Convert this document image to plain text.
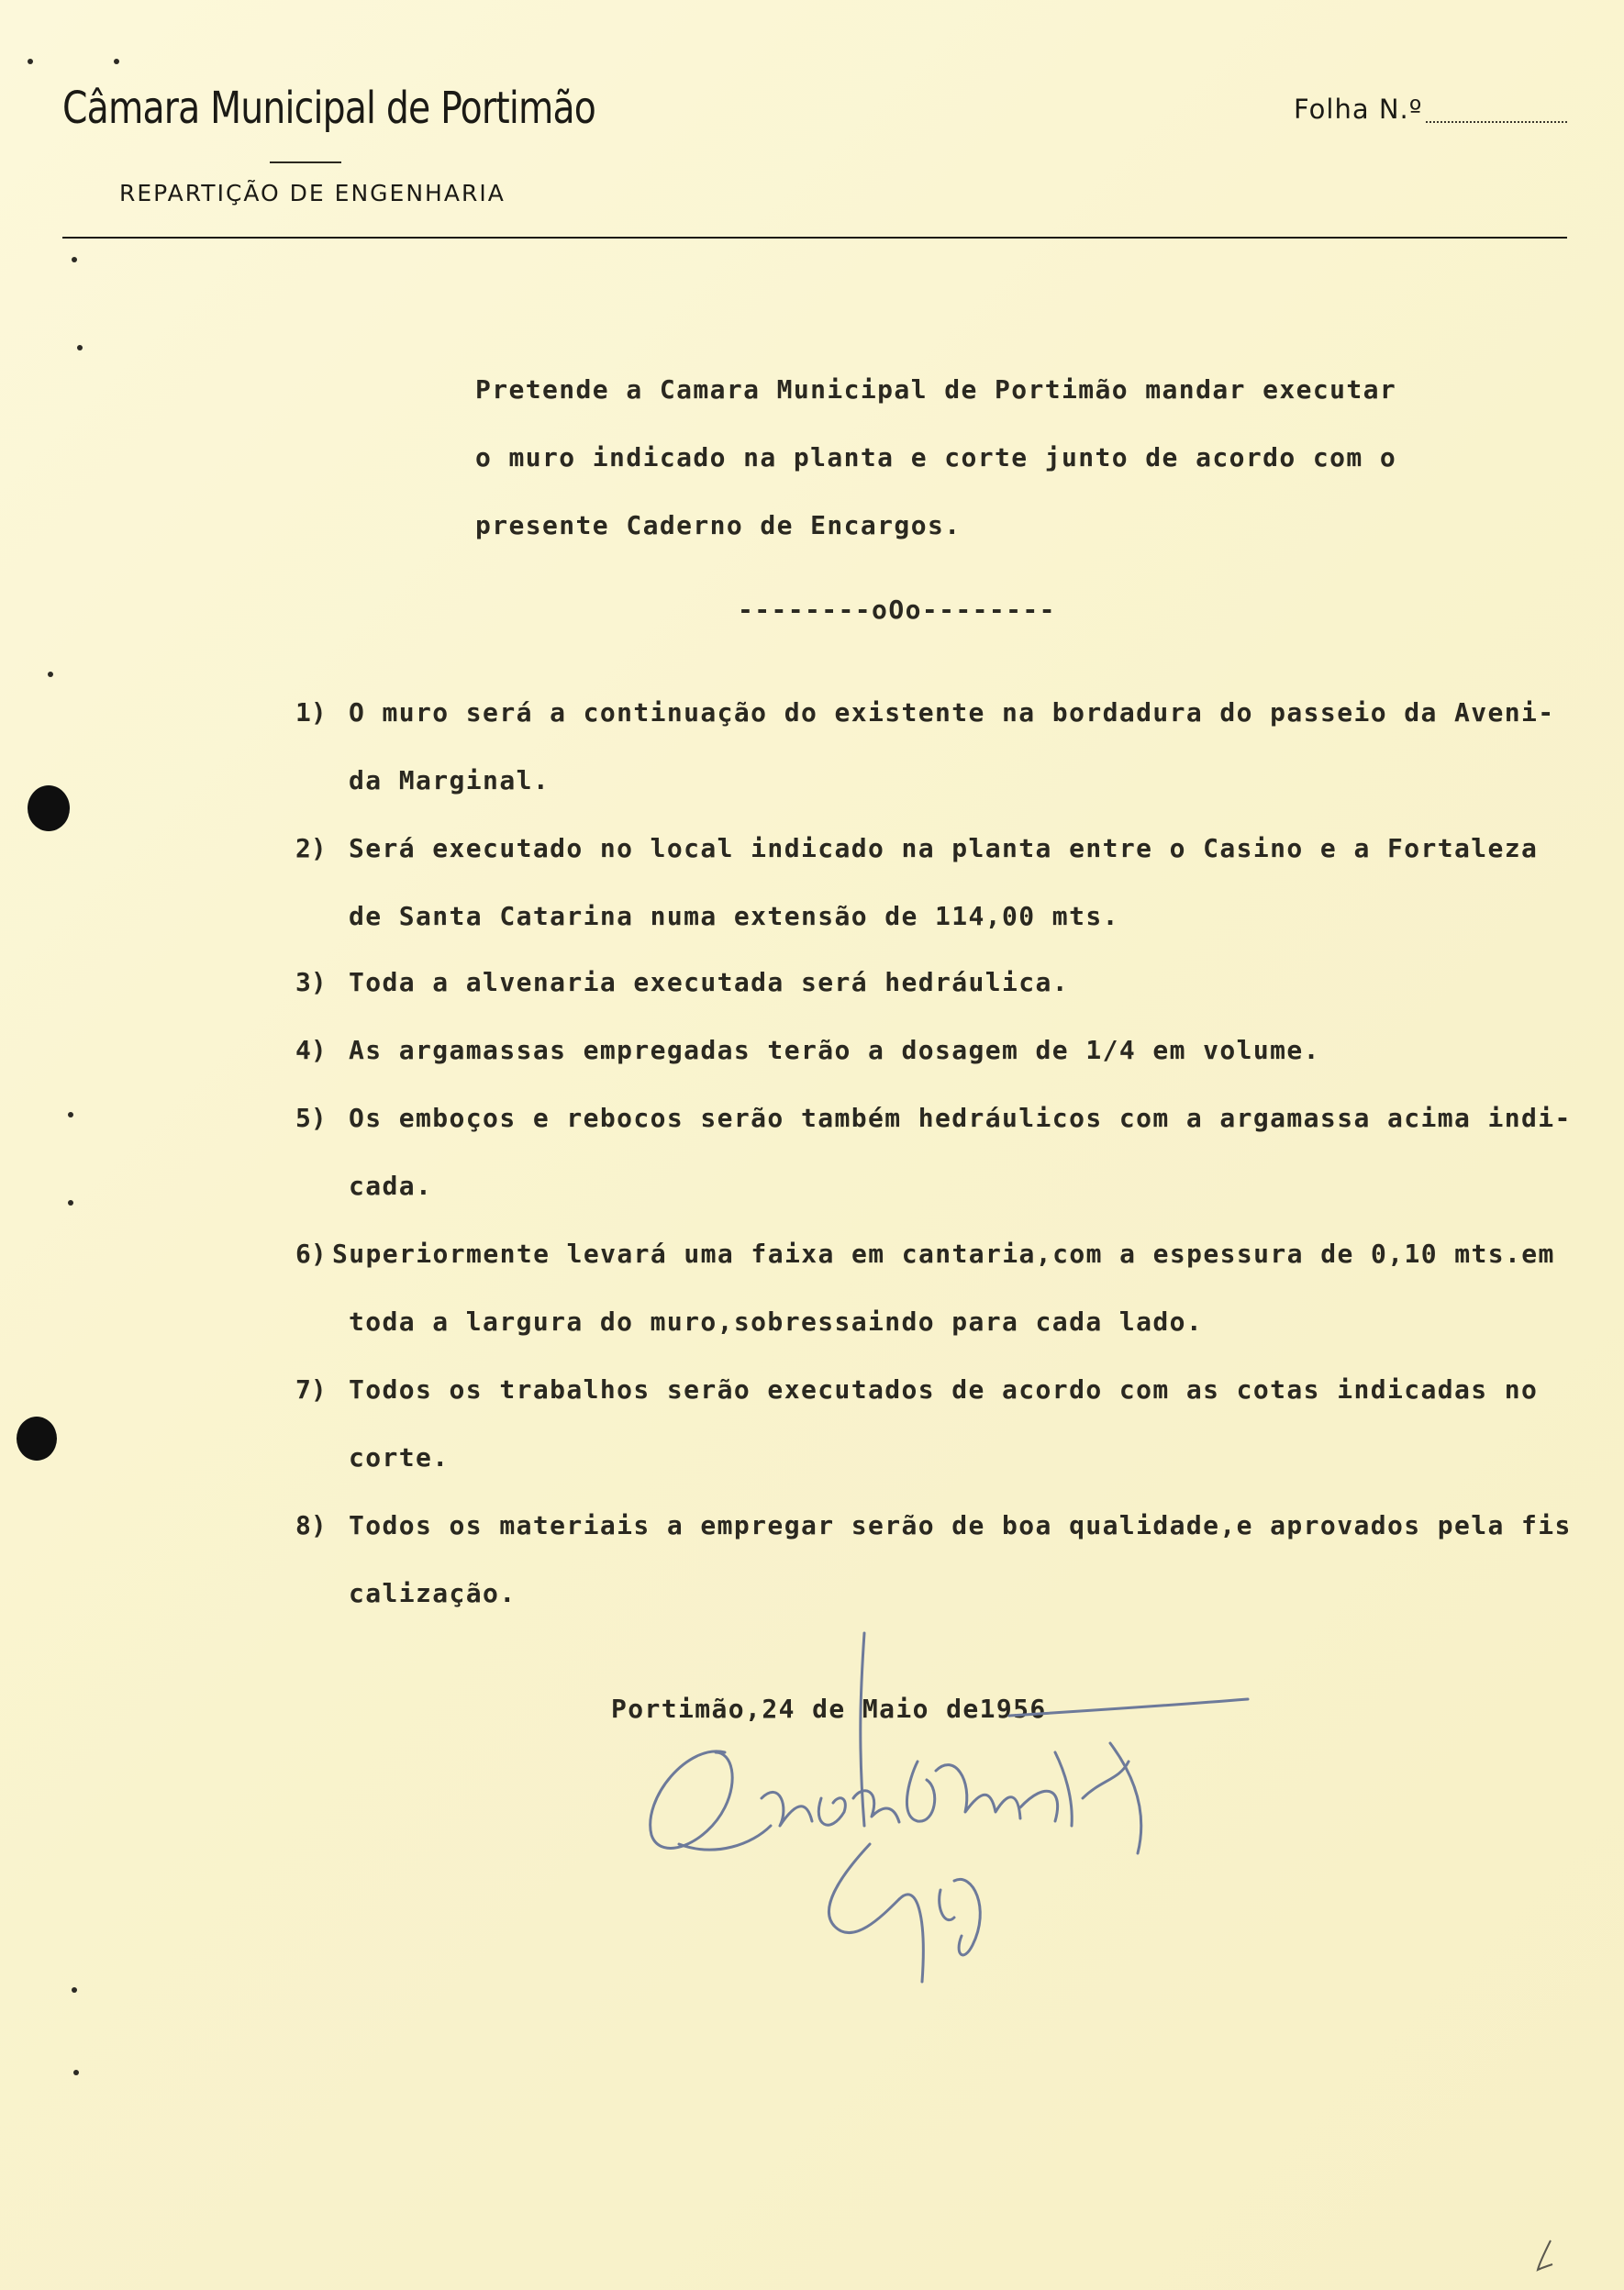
Câmara Municipal de Portimão
REPARTIÇÃO DE ENGENHARIA
Folha N.º
Pretende a Camara Municipal de Portimão mandar executar
o muro indicado na planta e corte junto de acordo com o
presente Caderno de Encargos.
--------oOo--------
1) O muro será a continuação do existente na bordadura do passeio da Aveni-
da Marginal.
2) Será executado no local indicado na planta entre o Casino e a Fortaleza
de Santa Catarina numa extensão de 114,00 mts.
3) Toda a alvenaria executada será hedráulica.
4) As argamassas empregadas terão a dosagem de 1/4 em volume.
5) Os emboços e rebocos serão também hedráulicos com a argamassa acima indi-
cada.
6) Superiormente levará uma faixa em cantaria,com a espessura de 0,10 mts.em
toda a largura do muro,sobressaindo para cada lado.
7) Todos os trabalhos serão executados de acordo com as cotas indicadas no
corte.
8) Todos os materiais a empregar serão de boa qualidade,e aprovados pela fis
calização.
Portimão,24 de Maio de1956
